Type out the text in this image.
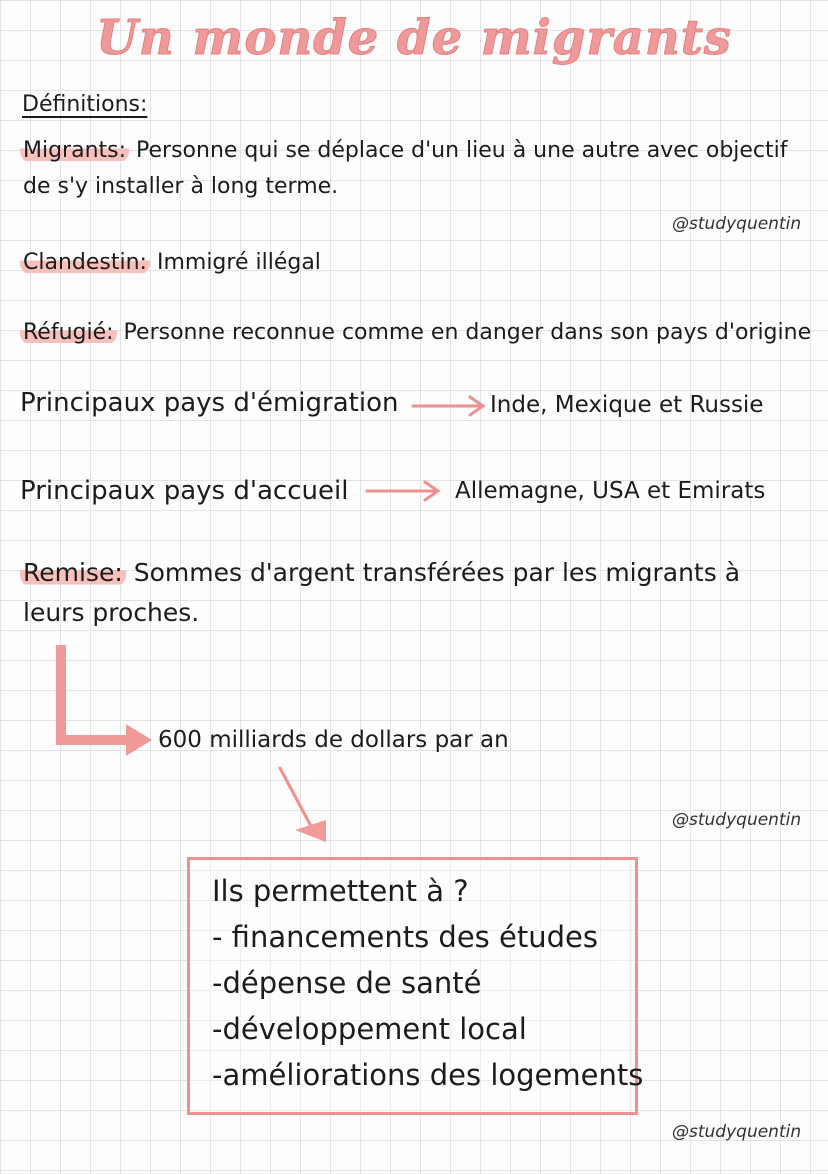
Un monde de migrants
Définitions:
Migrants: Personne qui se déplace d'un lieu à une autre avec objectif
de s'y installer à long terme.
@studyquentin
Clandestin: Immigré illégal
Réfugié: Personne reconnue comme en danger dans son pays d'origine
Principaux pays d'émigration	Inde, Mexique et Russie
Principaux pays d'accueil	Allemagne, USA et Emirats
Remise: Sommes d'argent transférées par les migrants à
leurs proches.
600 milliards de dollars par an
@studyquentin
Ils permettent à ?
- financements des études
-dépense de santé
-développement local
-améliorations des logements
@studyquentin
